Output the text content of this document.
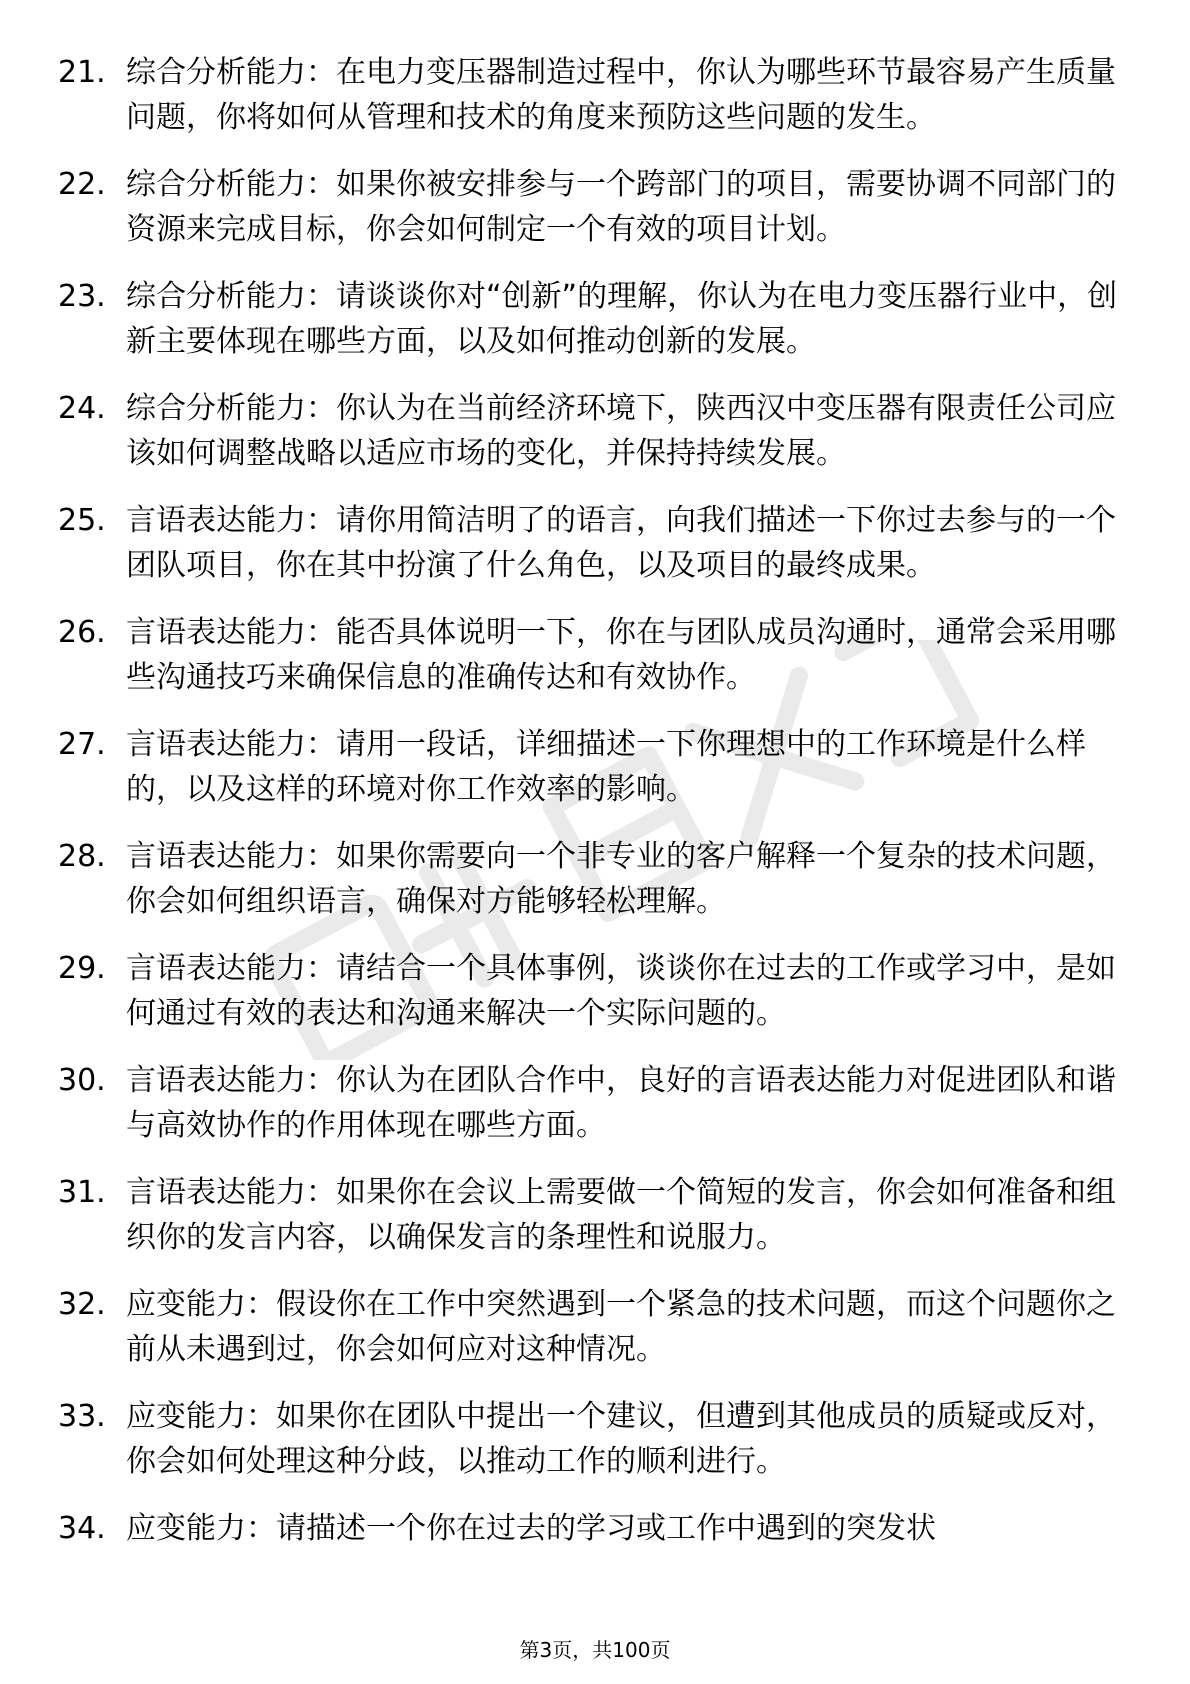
21. 综合分析能力：在电力变压器制造过程中，你认为哪些环节最容易产生质量问题，你将如何从管理和技术的角度来预防这些问题的发生。
22. 综合分析能力：如果你被安排参与一个跨部门的项目，需要协调不同部门的资源来完成目标，你会如何制定一个有效的项目计划。
23. 综合分析能力：请谈谈你对“创新”的理解，你认为在电力变压器行业中，创新主要体现在哪些方面，以及如何推动创新的发展。
24. 综合分析能力：你认为在当前经济环境下，陕西汉中变压器有限责任公司应该如何调整战略以适应市场的变化，并保持持续发展。
25. 言语表达能力：请你用简洁明了的语言，向我们描述一下你过去参与的一个团队项目，你在其中扮演了什么角色，以及项目的最终成果。
26. 言语表达能力：能否具体说明一下，你在与团队成员沟通时，通常会采用哪些沟通技巧来确保信息的准确传达和有效协作。
27. 言语表达能力：请用一段话，详细描述一下你理想中的工作环境是什么样的，以及这样的环境对你工作效率的影响。
28. 言语表达能力：如果你需要向一个非专业的客户解释一个复杂的技术问题，你会如何组织语言，确保对方能够轻松理解。
29. 言语表达能力：请结合一个具体事例，谈谈你在过去的工作或学习中，是如何通过有效的表达和沟通来解决一个实际问题的。
30. 言语表达能力：你认为在团队合作中，良好的言语表达能力对促进团队和谐与高效协作的作用体现在哪些方面。
31. 言语表达能力：如果你在会议上需要做一个简短的发言，你会如何准备和组织你的发言内容，以确保发言的条理性和说服力。
32. 应变能力：假设你在工作中突然遇到一个紧急的技术问题，而这个问题你之前从未遇到过，你会如何应对这种情况。
33. 应变能力：如果你在团队中提出一个建议，但遭到其他成员的质疑或反对，你会如何处理这种分歧，以推动工作的顺利进行。
34. 应变能力：请描述一个你在过去的学习或工作中遇到的突发状
第3页，共100页
